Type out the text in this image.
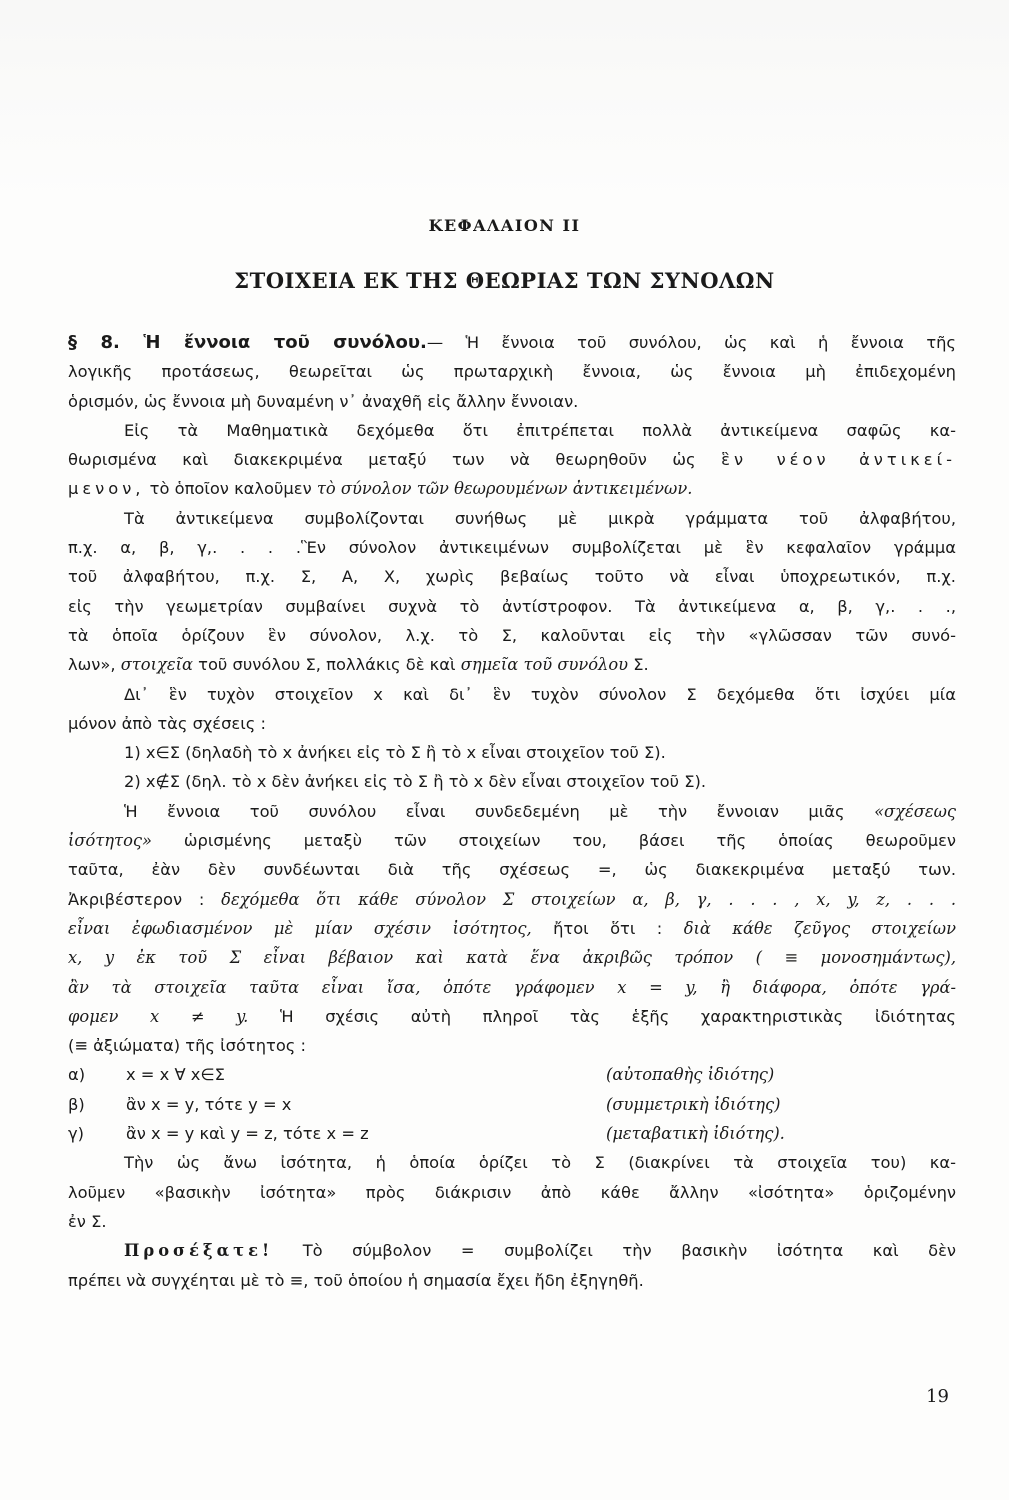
ΚΕΦΑΛΑΙΟΝ II
ΣΤΟΙΧΕΙΑ ΕΚ ΤΗΣ ΘΕΩΡΙΑΣ ΤΩΝ ΣΥΝΟΛΩΝ
§ 8. Ἡ ἔννοια τοῦ συνόλου.— Ἡ ἔννοια τοῦ συνόλου, ὡς καὶ ἡ ἔννοια τῆς
λογικῆς προτάσεως, θεωρεῖται ὡς πρωταρχικὴ ἔννοια, ὡς ἔννοια μὴ ἐπιδεχομένη
ὁρισμόν, ὡς ἔννοια μὴ δυναμένη ν᾽ ἀναχθῆ εἰς ἄλλην ἔννοιαν.
Εἰς τὰ Μαθηματικὰ δεχόμεθα ὅτι ἐπιτρέπεται πολλὰ ἀντικείμενα σαφῶς κα-
θωρισμένα καὶ διακεκριμένα μεταξύ των νὰ θεωρηθοῦν ὡς ἓν νέον ἀντικεί-
μενον, τὸ ὁποῖον καλοῦμεν τὸ σύνολον τῶν θεωρουμένων ἀντικειμένων.
Τὰ ἀντικείμενα συμβολίζονται συνήθως μὲ μικρὰ γράμματα τοῦ ἀλφαβήτου,
π.χ. α, β, γ,. . . .Ἓν σύνολον ἀντικειμένων συμβολίζεται μὲ ἓν κεφαλαῖον γράμμα
τοῦ ἀλφαβήτου, π.χ. Σ, Α, Χ, χωρὶς βεβαίως τοῦτο νὰ εἶναι ὑποχρεωτικόν, π.χ.
εἰς τὴν γεωμετρίαν συμβαίνει συχνὰ τὸ ἀντίστροφον. Τὰ ἀντικείμενα α, β, γ,. . .,
τὰ ὁποῖα ὁρίζουν ἓν σύνολον, λ.χ. τὸ Σ, καλοῦνται εἰς τὴν «γλῶσσαν τῶν συνό-
λων», στοιχεῖα τοῦ συνόλου Σ, πολλάκις δὲ καὶ σημεῖα τοῦ συνόλου Σ.
Δι᾽ ἓν τυχὸν στοιχεῖον x καὶ δι᾽ ἓν τυχὸν σύνολον Σ δεχόμεθα ὅτι ἰσχύει μία
μόνον ἀπὸ τὰς σχέσεις :
1) x∈Σ (δηλαδὴ τὸ x ἀνήκει εἰς τὸ Σ ἢ τὸ x εἶναι στοιχεῖον τοῦ Σ).
2) x∉Σ (δηλ. τὸ x δὲν ἀνήκει εἰς τὸ Σ ἢ τὸ x δὲν εἶναι στοιχεῖον τοῦ Σ).
Ἡ ἔννοια τοῦ συνόλου εἶναι συνδεδεμένη μὲ τὴν ἔννοιαν μιᾶς «σχέσεως
ἰσότητος» ὡρισμένης μεταξὺ τῶν στοιχείων του, βάσει τῆς ὁποίας θεωροῦμεν
ταῦτα, ἐὰν δὲν συνδέωνται διὰ τῆς σχέσεως =, ὡς διακεκριμένα μεταξύ των.
Ἀκριβέστερον : δεχόμεθα ὅτι κάθε σύνολον Σ στοιχείων α, β, γ, . . . , x, y, z, . . .
εἶναι ἐφωδιασμένον μὲ μίαν σχέσιν ἰσότητος, ἤτοι ὅτι : διὰ κάθε ζεῦγος στοιχείων
x, y ἐκ τοῦ Σ εἶναι βέβαιον καὶ κατὰ ἕνα ἀκριβῶς τρόπον ( ≡ μονοσημάντως),
ἂν τὰ στοιχεῖα ταῦτα εἶναι ἴσα, ὁπότε γράφομεν x = y, ἢ διάφορα, ὁπότε γρά-
φομεν x ≠ y. Ἡ σχέσις αὐτὴ πληροῖ τὰς ἑξῆς χαρακτηριστικὰς ἰδιότητας
(≡ ἀξιώματα) τῆς ἰσότητος :
α)	x = x ∀ x∈Σ	(αὐτοπαθὴς ἰδιότης)
β)	ἂν x = y, τότε y = x	(συμμετρικὴ ἰδιότης)
γ)	ἂν x = y καὶ y = z, τότε x = z	(μεταβατικὴ ἰδιότης).
Τὴν ὡς ἄνω ἰσότητα, ἡ ὁποία ὁρίζει τὸ Σ (διακρίνει τὰ στοιχεῖα του) κα-
λοῦμεν «βασικὴν ἰσότητα» πρὸς διάκρισιν ἀπὸ κάθε ἄλλην «ἰσότητα» ὁριζομένην
ἐν Σ.
Προσέξατε! Τὸ σύμβολον = συμβολίζει τὴν βασικὴν ἰσότητα καὶ δὲν
πρέπει νὰ συγχέηται μὲ τὸ ≡, τοῦ ὁποίου ἡ σημασία ἔχει ἤδη ἐξηγηθῆ.
19
